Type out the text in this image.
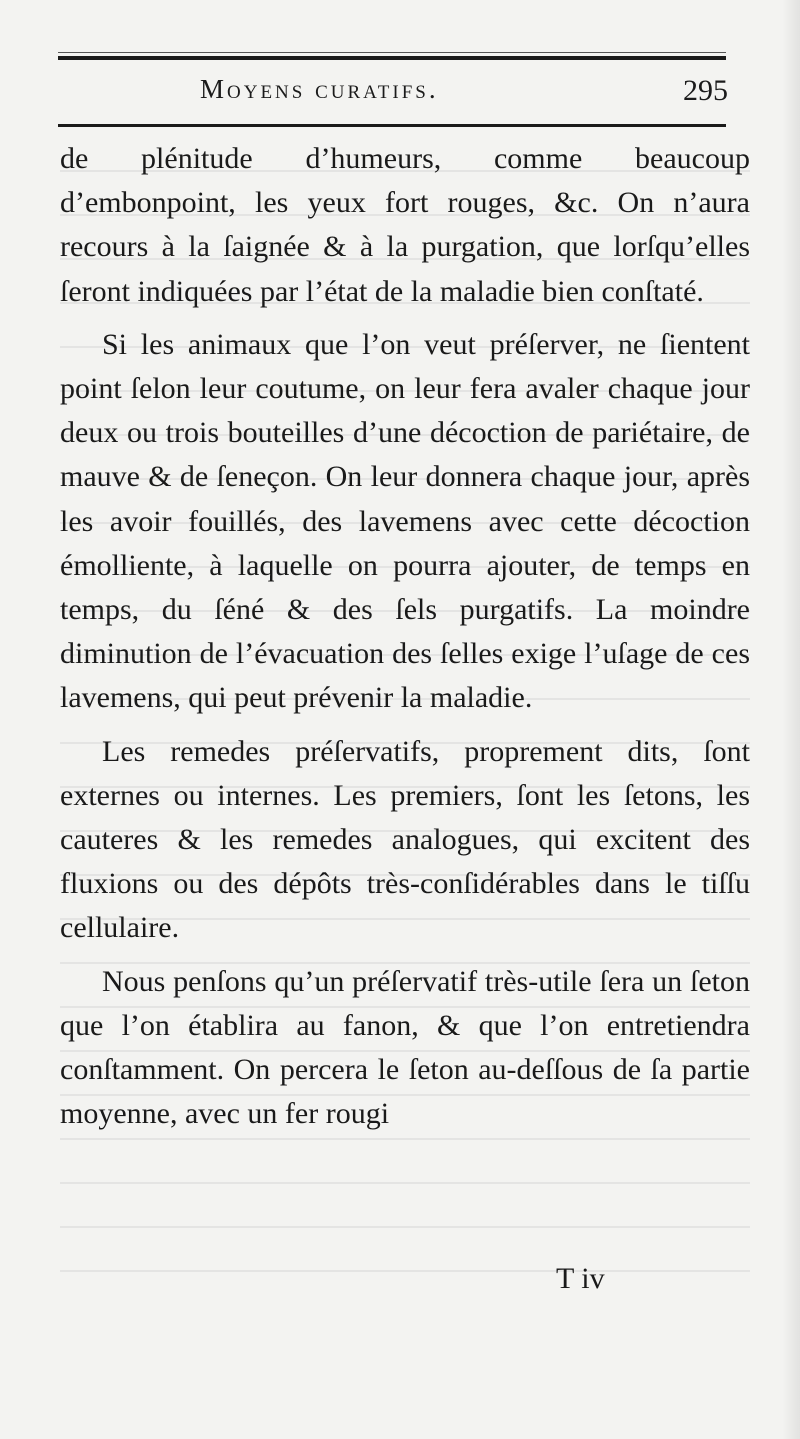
Moyens curatifs.	295

de plénitude d’humeurs, comme beaucoup d’embonpoint, les yeux fort rouges, &c. On n’aura recours à la ſaignée & à la purgation, que lorſqu’elles ſeront indiquées par l’état de la maladie bien conſtaté.

Si les animaux que l’on veut préſerver, ne ſientent point ſelon leur coutume, on leur fera avaler chaque jour deux ou trois bouteilles d’une décoction de pariétaire, de mauve & de ſeneçon. On leur donnera chaque jour, après les avoir fouillés, des lavemens avec cette décoction émolliente, à laquelle on pourra ajouter, de temps en temps, du ſéné & des ſels purgatifs. La moindre diminution de l’évacuation des ſelles exige l’uſage de ces lavemens, qui peut prévenir la maladie.

Les remedes préſervatifs, proprement dits, ſont externes ou internes. Les premiers, ſont les ſetons, les cauteres & les remedes analogues, qui excitent des fluxions ou des dépôts très-conſidérables dans le tiſſu cellulaire.

Nous penſons qu’un préſervatif très-utile ſera un ſeton que l’on établira au fanon, & que l’on entretiendra conſtamment. On percera le ſeton au-deſſous de ſa partie moyenne, avec un fer rougi

T iv
